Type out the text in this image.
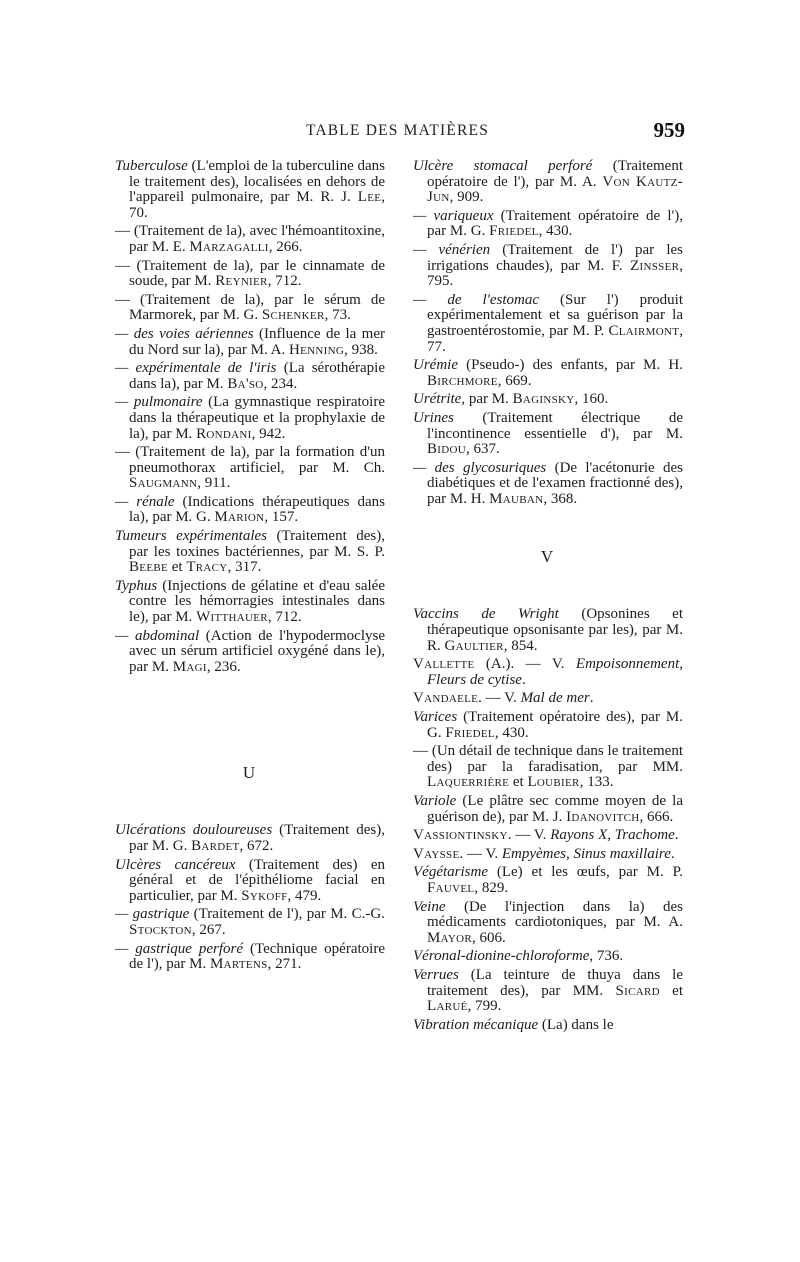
TABLE DES MATIÈRES	959

Tuberculose (L'emploi de la tuberculine dans le traitement des), localisées en dehors de l'appareil pulmonaire, par M. R. J. Lee, 70.

— (Traitement de la), avec l'hémoantitoxine, par M. E. Marzagalli, 266.

— (Traitement de la), par le cinnamate de soude, par M. Reynier, 712.

— (Traitement de la), par le sérum de Marmorek, par M. G. Schenker, 73.

— des voies aériennes (Influence de la mer du Nord sur la), par M. A. Henning, 938.

— expérimentale de l'iris (La sérothérapie dans la), par M. Ba'so, 234.

— pulmonaire (La gymnastique respiratoire dans la thérapeutique et la prophylaxie de la), par M. Rondani, 942.

— (Traitement de la), par la formation d'un pneumothorax artificiel, par M. Ch. Saugmann, 911.

— rénale (Indications thérapeutiques dans la), par M. G. Marion, 157.

Tumeurs expérimentales (Traitement des), par les toxines bactériennes, par M. S. P. Beebe et Tracy, 317.

Typhus (Injections de gélatine et d'eau salée contre les hémorragies intestinales dans le), par M. Witthauer, 712.

— abdominal (Action de l'hypodermoclyse avec un sérum artificiel oxygéné dans le), par M. Magi, 236.

U

Ulcérations douloureuses (Traitement des), par M. G. Bardet, 672.

Ulcères cancéreux (Traitement des) en général et de l'épithéliome facial en particulier, par M. Sykoff, 479.

— gastrique (Traitement de l'), par M. C.-G. Stockton, 267.

— gastrique perforé (Technique opératoire de l'), par M. Martens, 271.

Ulcère stomacal perforé (Traitement opératoire de l'), par M. A. Von Kautz-Jun, 909.

— variqueux (Traitement opératoire de l'), par M. G. Friedel, 430.

— vénérien (Traitement de l') par les irrigations chaudes), par M. F. Zinsser, 795.

— de l'estomac (Sur l') produit expérimentalement et sa guérison par la gastroentérostomie, par M. P. Clairmont, 77.

Urémie (Pseudo-) des enfants, par M. H. Birchmore, 669.

Urétrite, par M. Baginsky, 160.

Urines (Traitement électrique de l'incontinence essentielle d'), par M. Bidou, 637.

— des glycosuriques (De l'acétonurie des diabétiques et de l'examen fractionné des), par M. H. Mauban, 368.

V

Vaccins de Wright (Opsonines et thérapeutique opsonisante par les), par M. R. Gaultier, 854.

Vallette (A.). — V. Empoisonnement, Fleurs de cytise.

Vandaele. — V. Mal de mer.

Varices (Traitement opératoire des), par M. G. Friedel, 430.

— (Un détail de technique dans le traitement des) par la faradisation, par MM. Laquerrière et Loubier, 133.

Variole (Le plâtre sec comme moyen de la guérison de), par M. J. Idanovitch, 666.

Vassiontinsky. — V. Rayons X, Trachome.

Vaysse. — V. Empyèmes, Sinus maxillaire.

Végétarisme (Le) et les œufs, par M. P. Fauvel, 829.

Veine (De l'injection dans la) des médicaments cardiotoniques, par M. A. Mayor, 606.

Véronal-dionine-chloroforme, 736.

Verrues (La teinture de thuya dans le traitement des), par MM. Sicard et Larué, 799.

Vibration mécanique (La) dans le
